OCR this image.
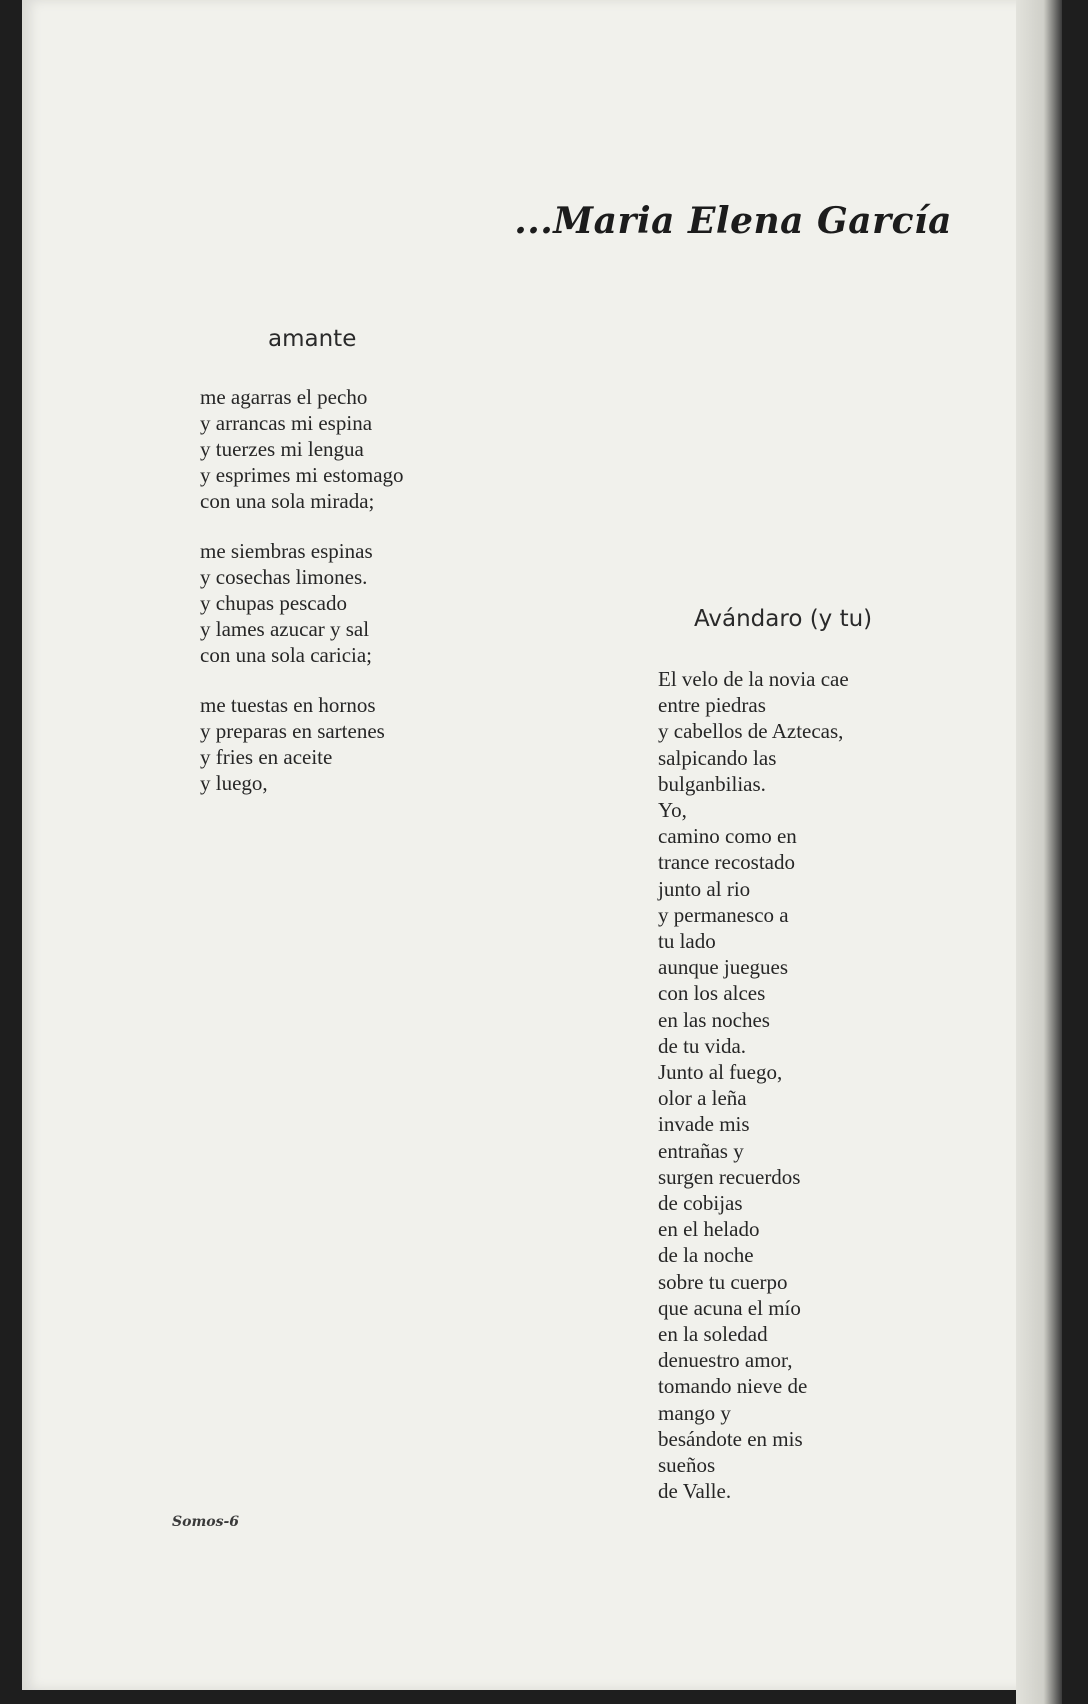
...Maria Elena García
amante
me agarras el pecho
y arrancas mi espina
y tuerzes mi lengua
y esprimes mi estomago
con una sola mirada;
me siembras espinas
y cosechas limones.
y chupas pescado
y lames azucar y sal
con una sola caricia;
me tuestas en hornos
y preparas en sartenes
y fries en aceite
y luego,
Avándaro (y tu)
El velo de la novia cae
entre piedras
y cabellos de Aztecas,
salpicando las
bulganbilias.
Yo,
camino como en
trance recostado
junto al rio
y permanesco a
tu lado
aunque juegues
con los alces
en las noches
de tu vida.
Junto al fuego,
olor a leña
invade mis
entrañas y
surgen recuerdos
de cobijas
en el helado
de la noche
sobre tu cuerpo
que acuna el mío
en la soledad
denuestro amor,
tomando nieve de
mango y
besándote en mis
sueños
de Valle.
Somos-6
